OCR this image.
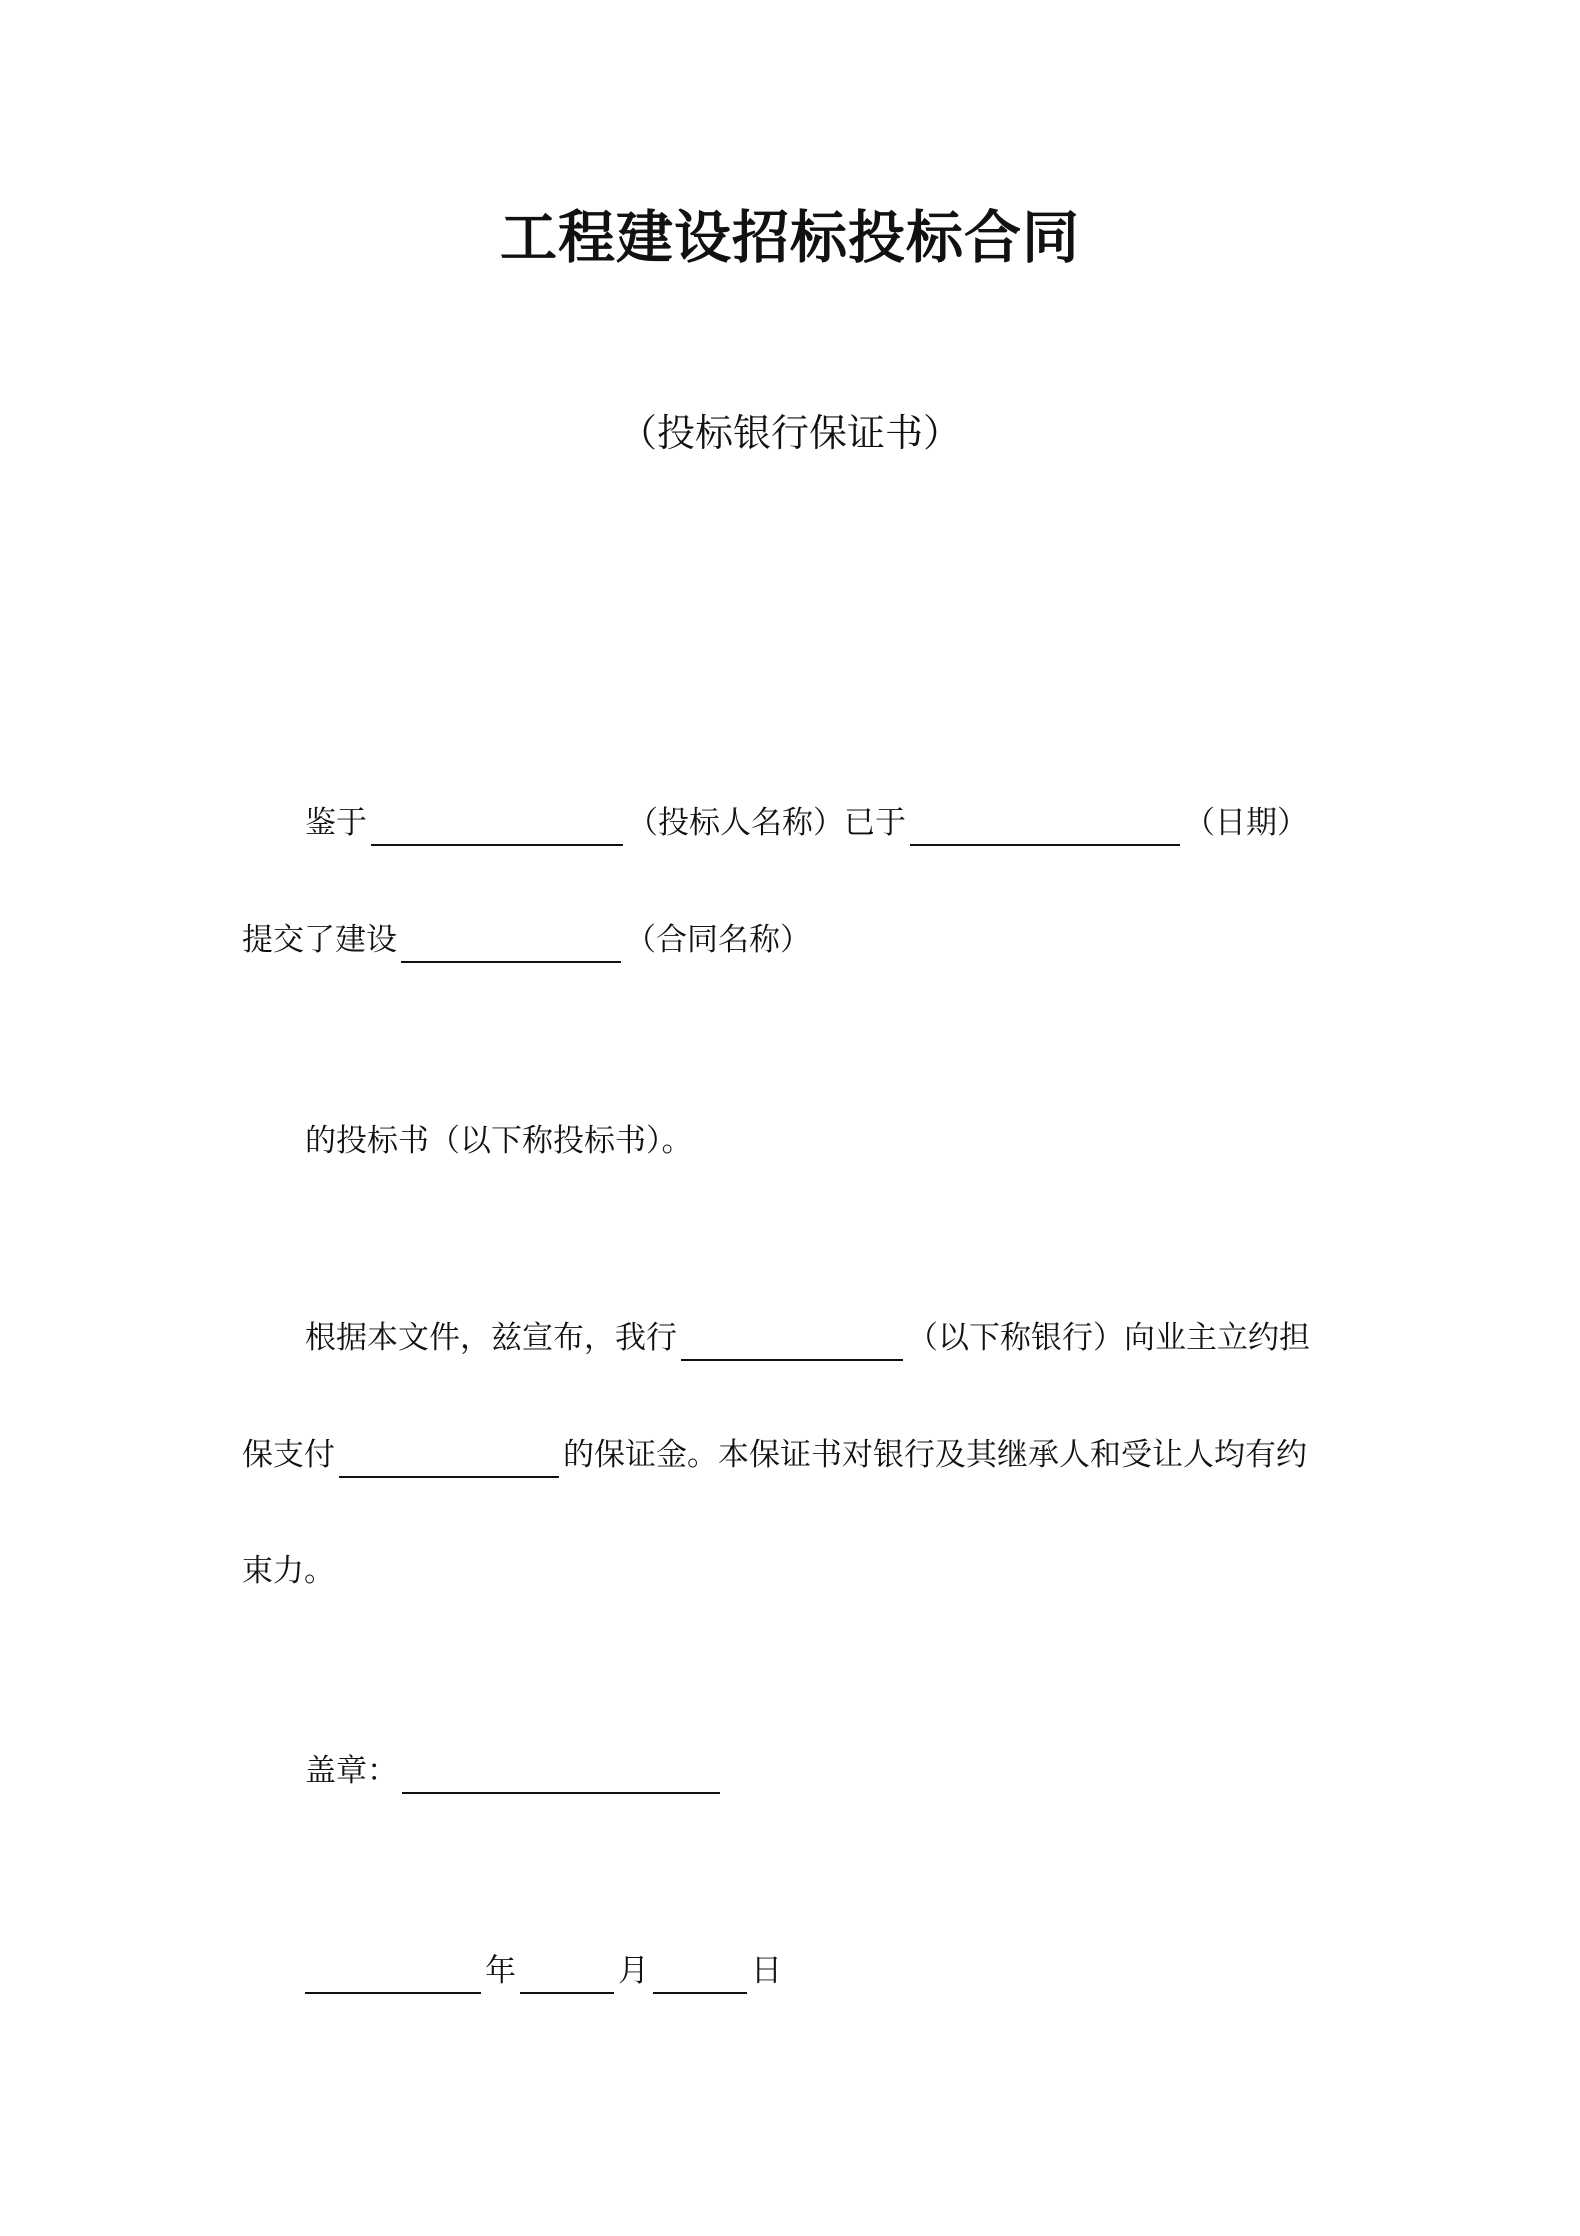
工程建设招标投标合同
（投标银行保证书）
鉴于	（投标人名称）已于	（日期）
提交了建设	（合同名称）
的投标书（以下称投标书）。
根据本文件，兹宣布，我行	（以下称银行）向业主立约担
保支付	的保证金。本保证书对银行及其继承人和受让人均有约
束力。
盖章：
年	月	日
